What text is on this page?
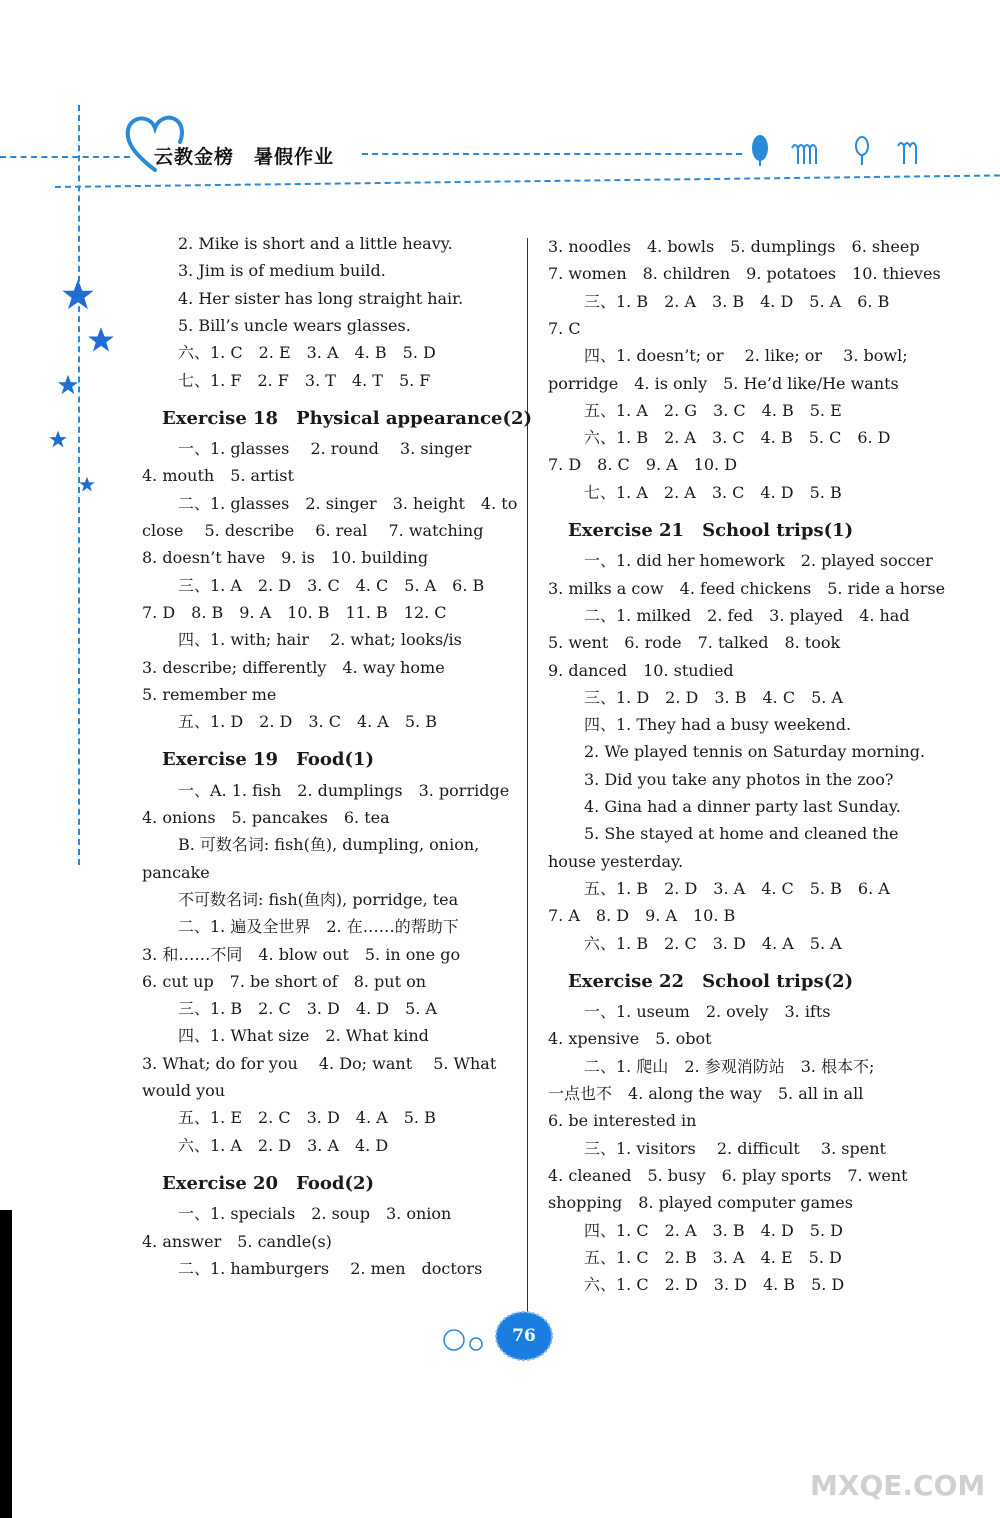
云教金榜　暑假作业
2. Mike is short and a little heavy.
3. Jim is of medium build.
4. Her sister has long straight hair.
5. Bill’s uncle wears glasses.
六、1. C　2. E　3. A　4. B　5. D
七、1. F　2. F　3. T　4. T　5. F
Exercise 18　Physical appearance(2)
一、1. glasses　 2. round　 3. singer
4. mouth　5. artist
二、1. glasses　2. singer　3. height　4. to
close　 5. describe　 6. real　 7. watching
8. doesn’t have　9. is　10. building
三、1. A　2. D　3. C　4. C　5. A　6. B
7. D　8. B　9. A　10. B　11. B　12. C
四、1. with; hair　 2. what; looks/is
3. describe; differently　4. way home
5. remember me
五、1. D　2. D　3. C　4. A　5. B
Exercise 19　Food(1)
一、A. 1. fish　2. dumplings　3. porridge
4. onions　5. pancakes　6. tea
B. 可数名词: fish(鱼), dumpling, onion,
pancake
不可数名词: fish(鱼肉), porridge, tea
二、1. 遍及全世界　2. 在……的帮助下
3. 和……不同　4. blow out　5. in one go
6. cut up　7. be short of　8. put on
三、1. B　2. C　3. D　4. D　5. A
四、1. What size　2. What kind
3. What; do for you　 4. Do; want　 5. What
would you
五、1. E　2. C　3. D　4. A　5. B
六、1. A　2. D　3. A　4. D
Exercise 20　Food(2)
一、1. specials　2. soup　3. onion
4. answer　5. candle(s)
二、1. hamburgers　 2. men　doctors
3. noodles　4. bowls　5. dumplings　6. sheep
7. women　8. children　9. potatoes　10. thieves
三、1. B　2. A　3. B　4. D　5. A　6. B
7. C
四、1. doesn’t; or　 2. like; or　 3. bowl;
porridge　4. is only　5. He’d like/He wants
五、1. A　2. G　3. C　4. B　5. E
六、1. B　2. A　3. C　4. B　5. C　6. D
7. D　8. C　9. A　10. D
七、1. A　2. A　3. C　4. D　5. B
Exercise 21　School trips(1)
一、1. did her homework　2. played soccer
3. milks a cow　4. feed chickens　5. ride a horse
二、1. milked　2. fed　3. played　4. had
5. went　6. rode　7. talked　8. took
9. danced　10. studied
三、1. D　2. D　3. B　4. C　5. A
四、1. They had a busy weekend.
2. We played tennis on Saturday morning.
3. Did you take any photos in the zoo?
4. Gina had a dinner party last Sunday.
5. She stayed at home and cleaned the
house yesterday.
五、1. B　2. D　3. A　4. C　5. B　6. A
7. A　8. D　9. A　10. B
六、1. B　2. C　3. D　4. A　5. A
Exercise 22　School trips(2)
一、1. useum　2. ovely　3. ifts
4. xpensive　5. obot
二、1. 爬山　2. 参观消防站　3. 根本不;
一点也不　4. along the way　5. all in all
6. be interested in
三、1. visitors　 2. difficult　 3. spent
4. cleaned　5. busy　6. play sports　7. went
shopping　8. played computer games
四、1. C　2. A　3. B　4. D　5. D
五、1. C　2. B　3. A　4. E　5. D
六、1. C　2. D　3. D　4. B　5. D
76
MXQE.COM
